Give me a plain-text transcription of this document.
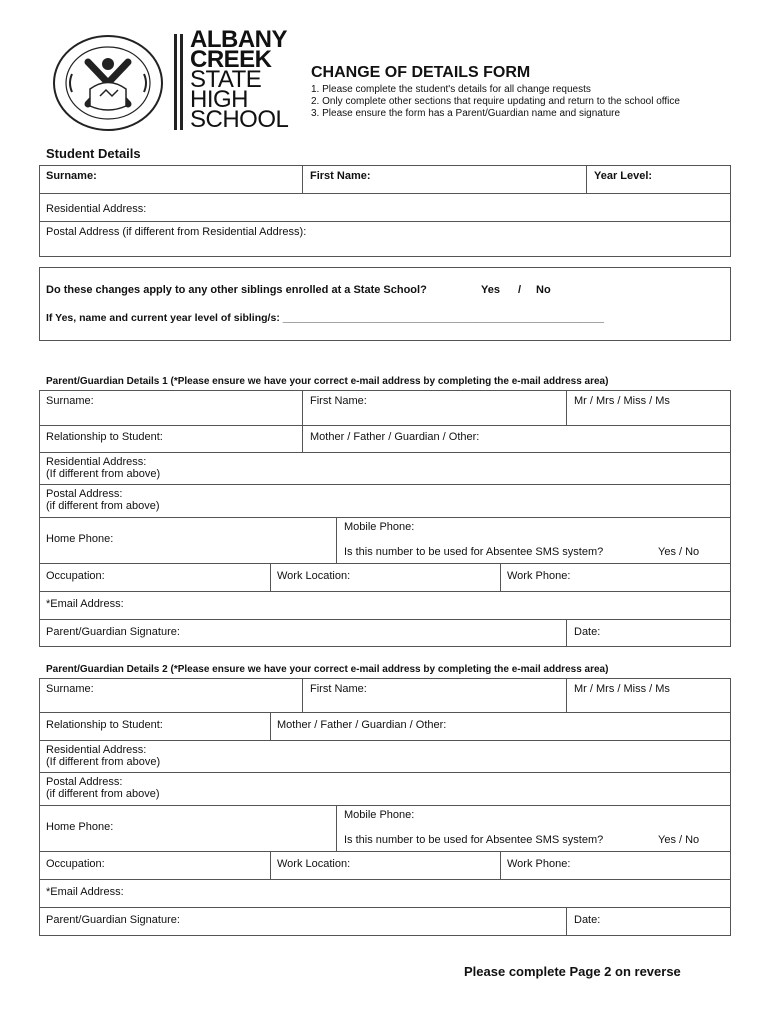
ALBANY
CREEK
STATE
HIGH
SCHOOL
CHANGE OF DETAILS FORM
1. Please complete the student's details for all change requests
2. Only complete other sections that require updating and return to the school office
3. Please ensure the form has a Parent/Guardian name and signature
Student Details
Surname:	First Name:	Year Level:
Residential Address:
Postal Address (if different from Residential Address):
Do these changes apply to any other siblings enrolled at a State School?	Yes / No
If Yes, name and current year level of sibling/s: _______________________________________________________
Parent/Guardian Details 1 (*Please ensure we have your correct e-mail address by completing the e-mail address area)
Surname:	First Name:	Mr / Mrs / Miss / Ms
Relationship to Student:	Mother / Father / Guardian / Other:
Residential Address:
(If different from above)
Postal Address:
(if different from above)
Home Phone:
Mobile Phone:
Is this number to be used for Absentee SMS system?	Yes / No
Occupation:	Work Location:	Work Phone:
*Email Address:
Parent/Guardian Signature:	Date:
Parent/Guardian Details 2 (*Please ensure we have your correct e-mail address by completing the e-mail address area)
Surname:	First Name:	Mr / Mrs / Miss / Ms
Relationship to Student:	Mother / Father / Guardian / Other:
Residential Address:
(If different from above)
Postal Address:
(if different from above)
Home Phone:
Mobile Phone:
Is this number to be used for Absentee SMS system?	Yes / No
Occupation:	Work Location:	Work Phone:
*Email Address:
Parent/Guardian Signature:	Date:
Please complete Page 2 on reverse
